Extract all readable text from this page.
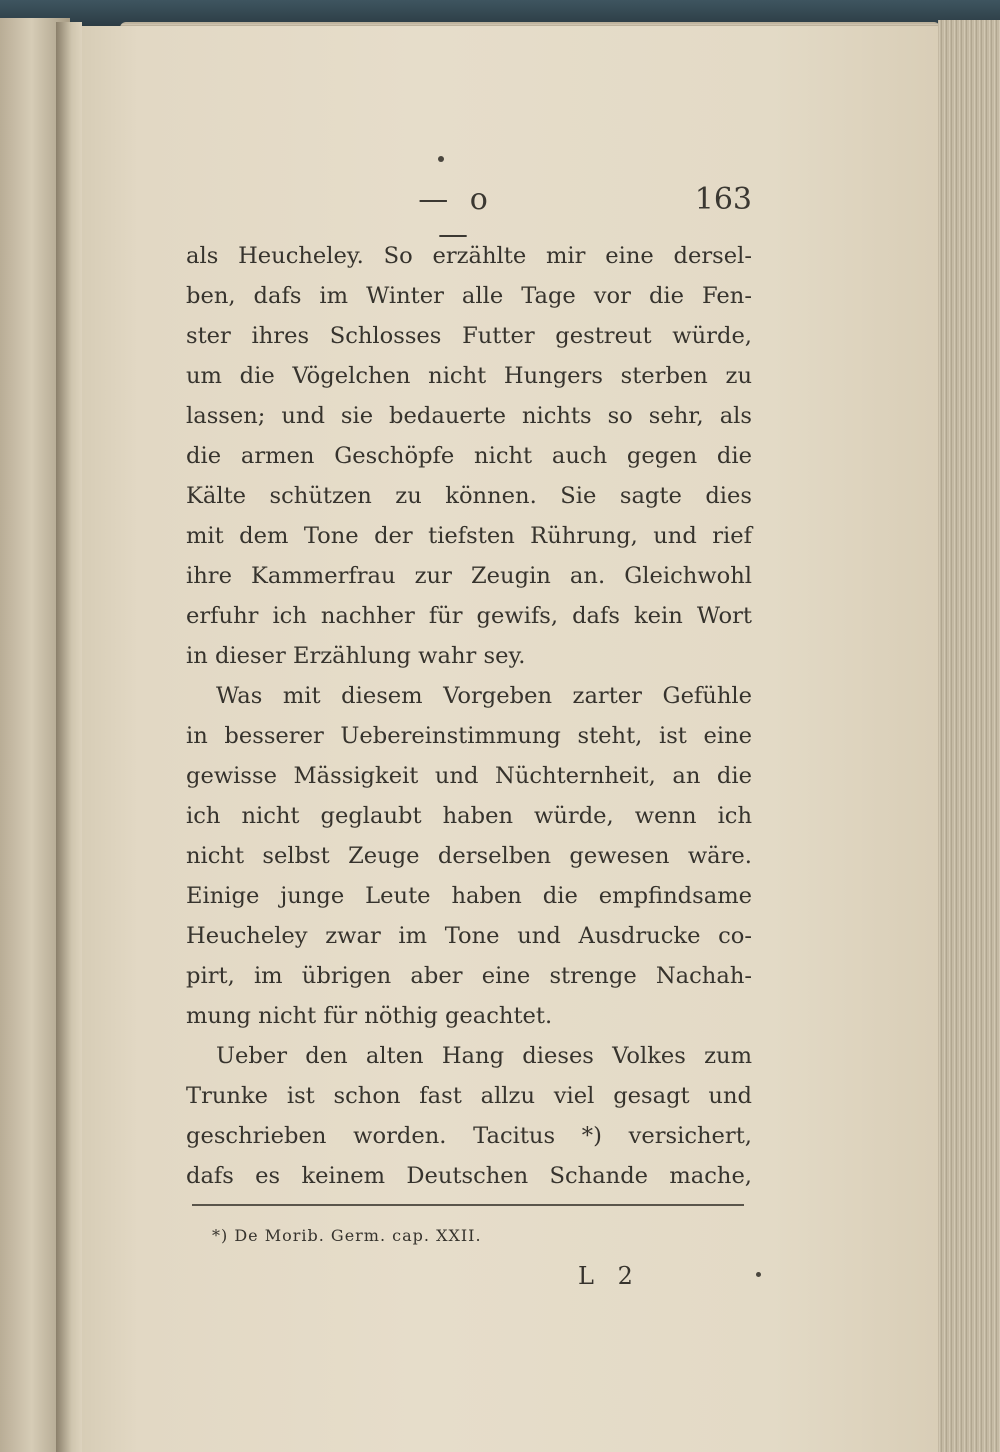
— o —
163
als Heucheley. So erzählte mir eine dersel-
ben, dafs im Winter alle Tage vor die Fen-
ster ihres Schlosses Futter gestreut würde,
um die Vögelchen nicht Hungers sterben zu
lassen; und sie bedauerte nichts so sehr, als
die armen Geschöpfe nicht auch gegen die
Kälte schützen zu können. Sie sagte dies
mit dem Tone der tiefsten Rührung, und rief
ihre Kammerfrau zur Zeugin an. Gleichwohl
erfuhr ich nachher für gewifs, dafs kein Wort
in dieser Erzählung wahr sey.
Was mit diesem Vorgeben zarter Gefühle
in besserer Uebereinstimmung steht, ist eine
gewisse Mässigkeit und Nüchternheit, an die
ich nicht geglaubt haben würde, wenn ich
nicht selbst Zeuge derselben gewesen wäre.
Einige junge Leute haben die empfindsame
Heucheley zwar im Tone und Ausdrucke co-
pirt, im übrigen aber eine strenge Nachah-
mung nicht für nöthig geachtet.
Ueber den alten Hang dieses Volkes zum
Trunke ist schon fast allzu viel gesagt und
geschrieben worden. Tacitus *) versichert,
dafs es keinem Deutschen Schande mache,
*) De Morib. Germ. cap. XXII.
L 2
